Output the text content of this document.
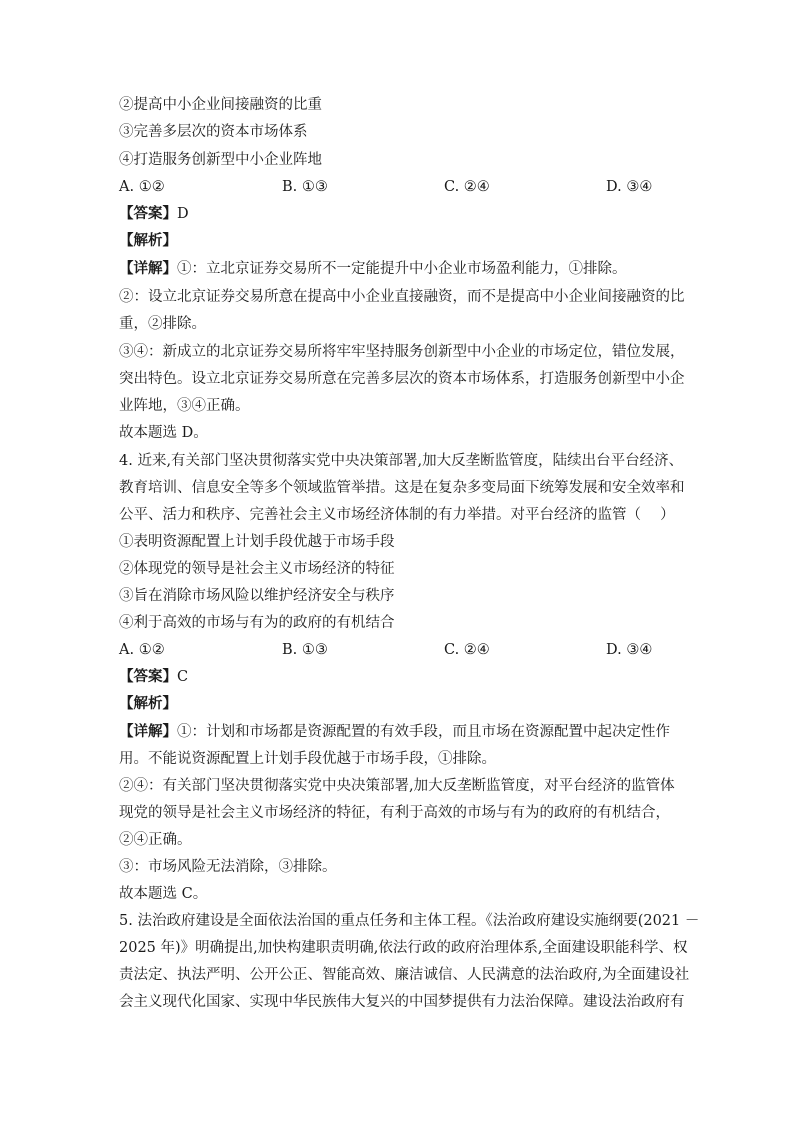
②提高中小企业间接融资的比重
③完善多层次的资本市场体系
④打造服务创新型中小企业阵地
A. ①②	B. ①③	C. ②④	D. ③④
【答案】D
【解析】
【详解】①：立北京证券交易所不一定能提升中小企业市场盈利能力，①排除。
②：设立北京证券交易所意在提高中小企业直接融资，而不是提高中小企业间接融资的比
重，②排除。
③④：新成立的北京证券交易所将牢牢坚持服务创新型中小企业的市场定位，错位发展，
突出特色。设立北京证券交易所意在完善多层次的资本市场体系，打造服务创新型中小企
业阵地，③④正确。
故本题选 D。
4. 近来,有关部门坚决贯彻落实党中央决策部署,加大反垄断监管度，陆续出台平台经济、
教育培训、信息安全等多个领域监管举措。这是在复杂多变局面下统筹发展和安全效率和
公平、活力和秩序、完善社会主义市场经济体制的有力举措。对平台经济的监管（　 ）
①表明资源配置上计划手段优越于市场手段
②体现党的领导是社会主义市场经济的特征
③旨在消除市场风险以维护经济安全与秩序
④利于高效的市场与有为的政府的有机结合
A. ①②	B. ①③	C. ②④	D. ③④
【答案】C
【解析】
【详解】①：计划和市场都是资源配置的有效手段，而且市场在资源配置中起决定性作
用。不能说资源配置上计划手段优越于市场手段，①排除。
②④：有关部门坚决贯彻落实党中央决策部署,加大反垄断监管度，对平台经济的监管体
现党的领导是社会主义市场经济的特征，有利于高效的市场与有为的政府的有机结合，
②④正确。
③：市场风险无法消除，③排除。
故本题选 C。
5. 法治政府建设是全面依法治国的重点任务和主体工程。《法治政府建设实施纲要(2021 －
2025 年)》明确提出,加快构建职责明确,依法行政的政府治理体系,全面建设职能科学、权
责法定、执法严明、公开公正、智能高效、廉洁诚信、人民满意的法治政府,为全面建设社
会主义现代化国家、实现中华民族伟大复兴的中国梦提供有力法治保障。建设法治政府有
